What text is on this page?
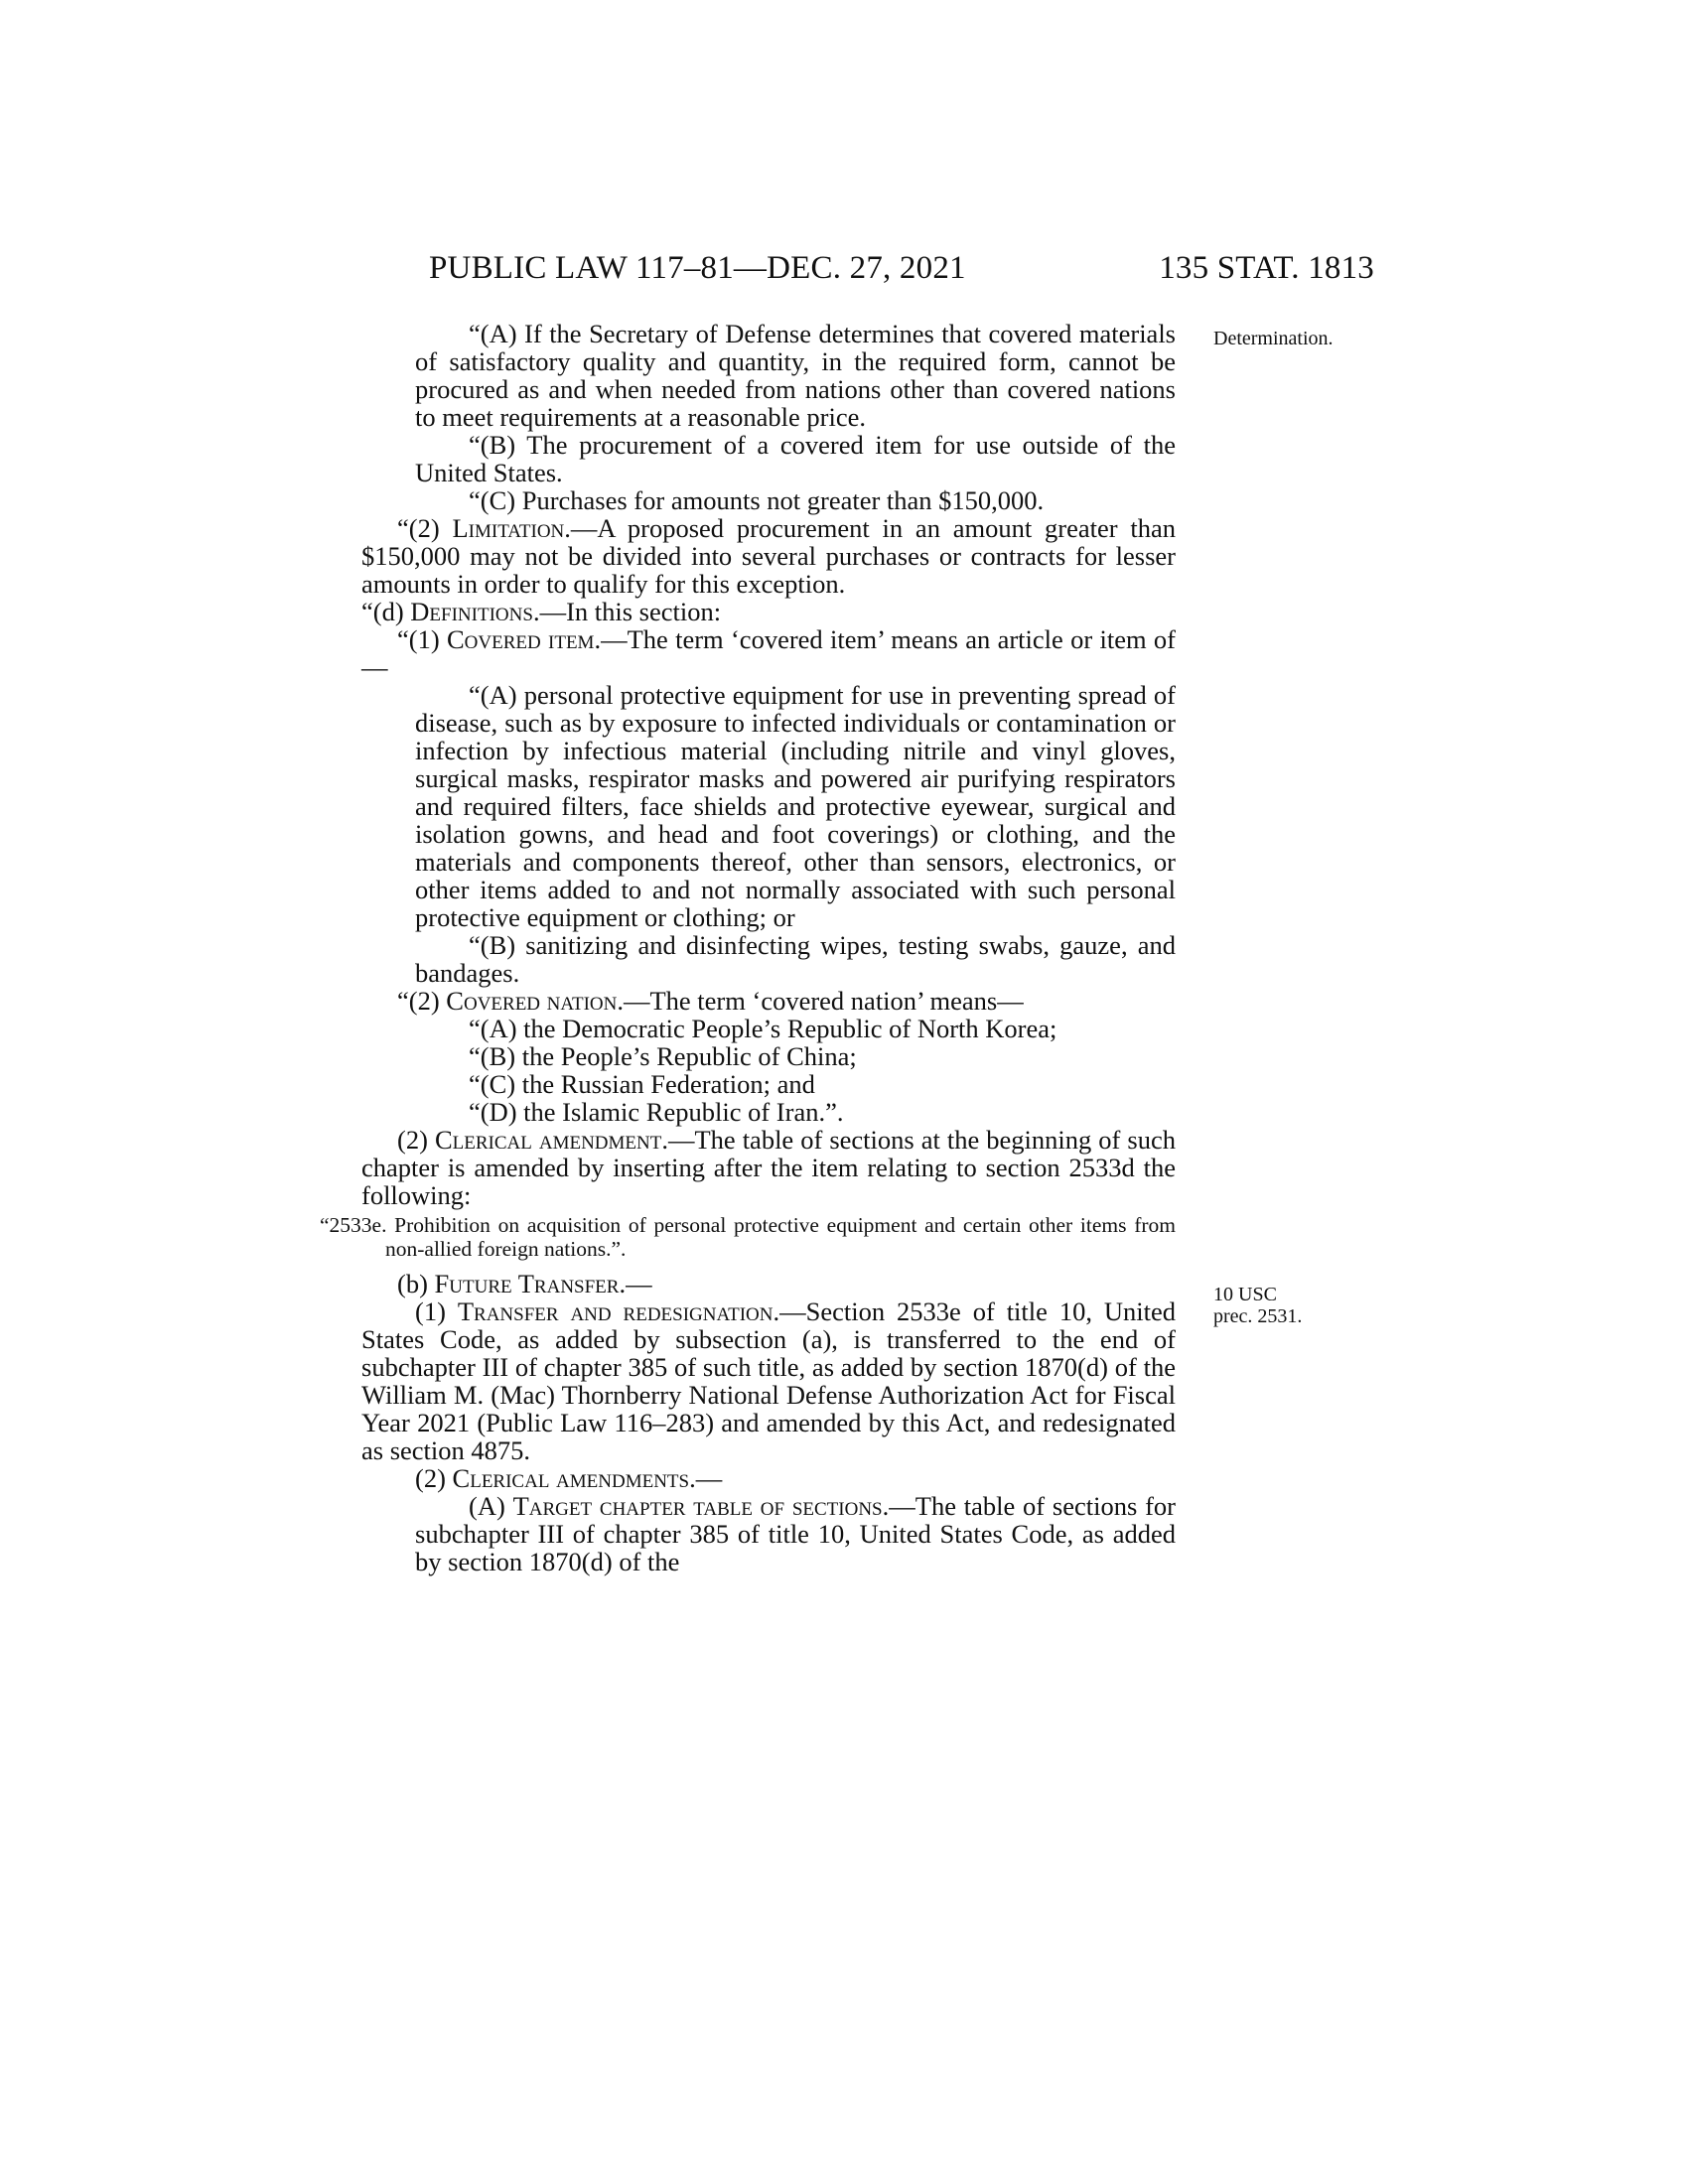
PUBLIC LAW 117–81—DEC. 27, 2021	135 STAT. 1813
Determination.
10 USC
prec. 2531.

“(A) If the Secretary of Defense determines that covered materials of satisfactory quality and quantity, in the required form, cannot be procured as and when needed from nations other than covered nations to meet requirements at a reasonable price.

“(B) The procurement of a covered item for use outside of the United States.

“(C) Purchases for amounts not greater than $150,000.

“(2) Limitation.—A proposed procurement in an amount greater than $150,000 may not be divided into several purchases or contracts for lesser amounts in order to qualify for this exception.

“(d) Definitions.—In this section:

“(1) Covered item.—The term ‘covered item’ means an article or item of—

“(A) personal protective equipment for use in preventing spread of disease, such as by exposure to infected individuals or contamination or infection by infectious material (including nitrile and vinyl gloves, surgical masks, respirator masks and powered air purifying respirators and required filters, face shields and protective eyewear, surgical and isolation gowns, and head and foot coverings) or clothing, and the materials and components thereof, other than sensors, electronics, or other items added to and not normally associated with such personal protective equipment or clothing; or

“(B) sanitizing and disinfecting wipes, testing swabs, gauze, and bandages.

“(2) Covered nation.—The term ‘covered nation’ means—

“(A) the Democratic People’s Republic of North Korea;

“(B) the People’s Republic of China;

“(C) the Russian Federation; and

“(D) the Islamic Republic of Iran.”.

(2) Clerical amendment.—The table of sections at the beginning of such chapter is amended by inserting after the item relating to section 2533d the following:

“2533e. Prohibition on acquisition of personal protective equipment and certain other items from non-allied foreign nations.”.

(b) Future Transfer.—

(1) Transfer and redesignation.—Section 2533e of title 10, United States Code, as added by subsection (a), is transferred to the end of subchapter III of chapter 385 of such title, as added by section 1870(d) of the William M. (Mac) Thornberry National Defense Authorization Act for Fiscal Year 2021 (Public Law 116–283) and amended by this Act, and redesignated as section 4875.

(2) Clerical amendments.—

(A) Target chapter table of sections.—The table of sections for subchapter III of chapter 385 of title 10, United States Code, as added by section 1870(d) of the
